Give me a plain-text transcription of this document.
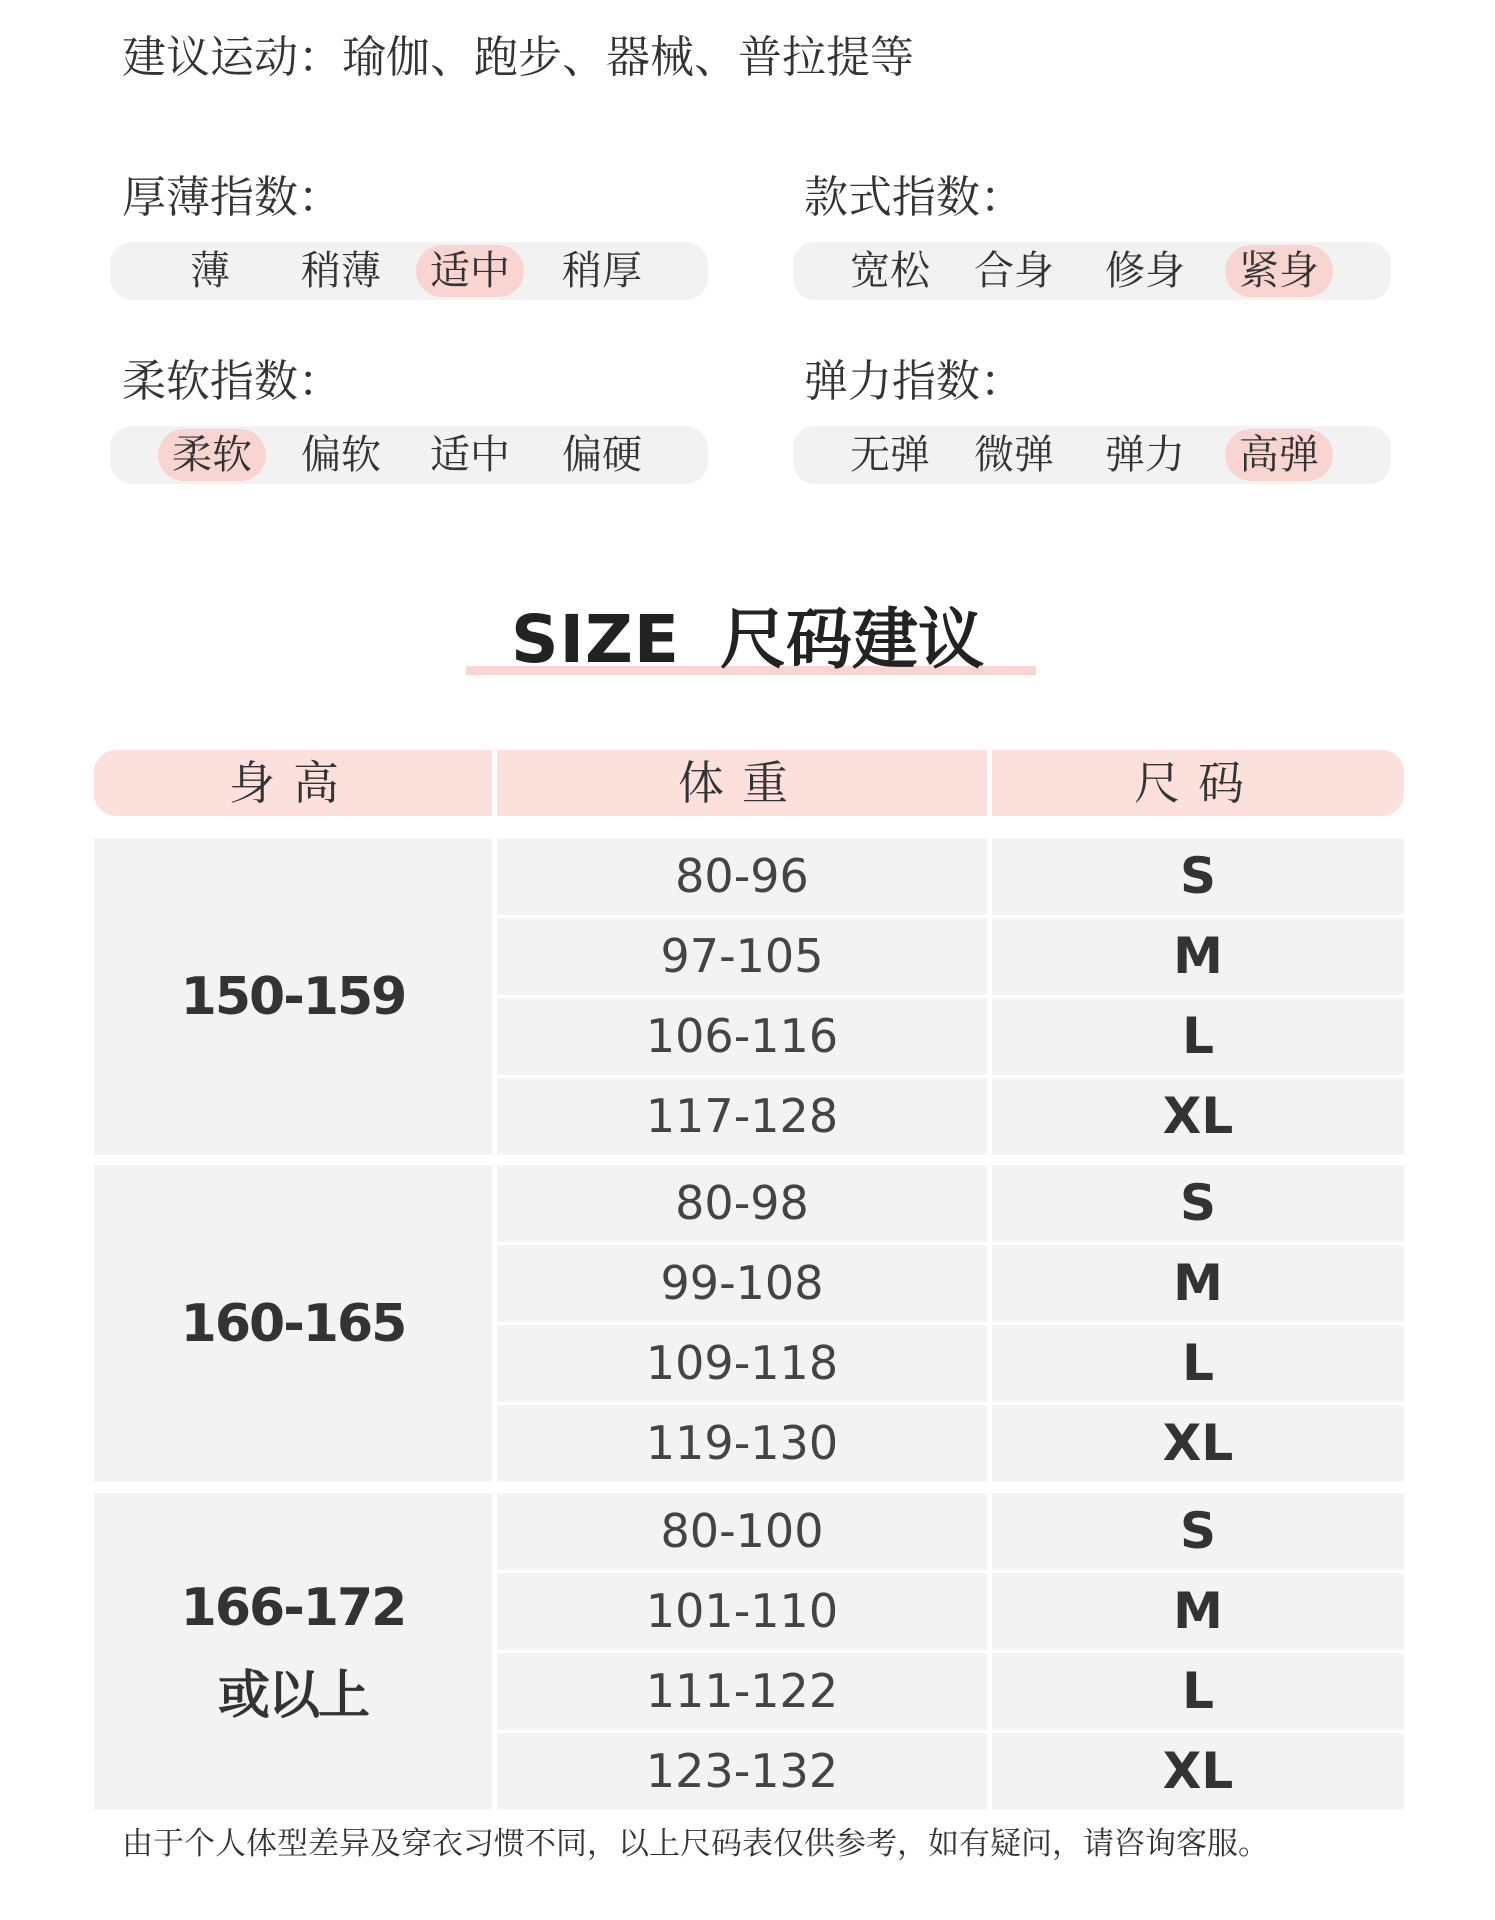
建议运动：瑜伽、跑步、器械、普拉提等
厚薄指数：
薄	稍薄	适中	稍厚
款式指数：
宽松	合身	修身	紧身
柔软指数：
柔软	偏软	适中	偏硬
弹力指数：
无弹	微弹	弹力	高弹
SIZE 尺码建议
身高	体重	尺码
150-159
80-96	S
97-105	M
106-116	L
117-128	XL
160-165
80-98	S
99-108	M
109-118	L
119-130	XL
166-172
或以上
80-100	S
101-110	M
111-122	L
123-132	XL
由于个人体型差异及穿衣习惯不同，以上尺码表仅供参考，如有疑问，请咨询客服。
